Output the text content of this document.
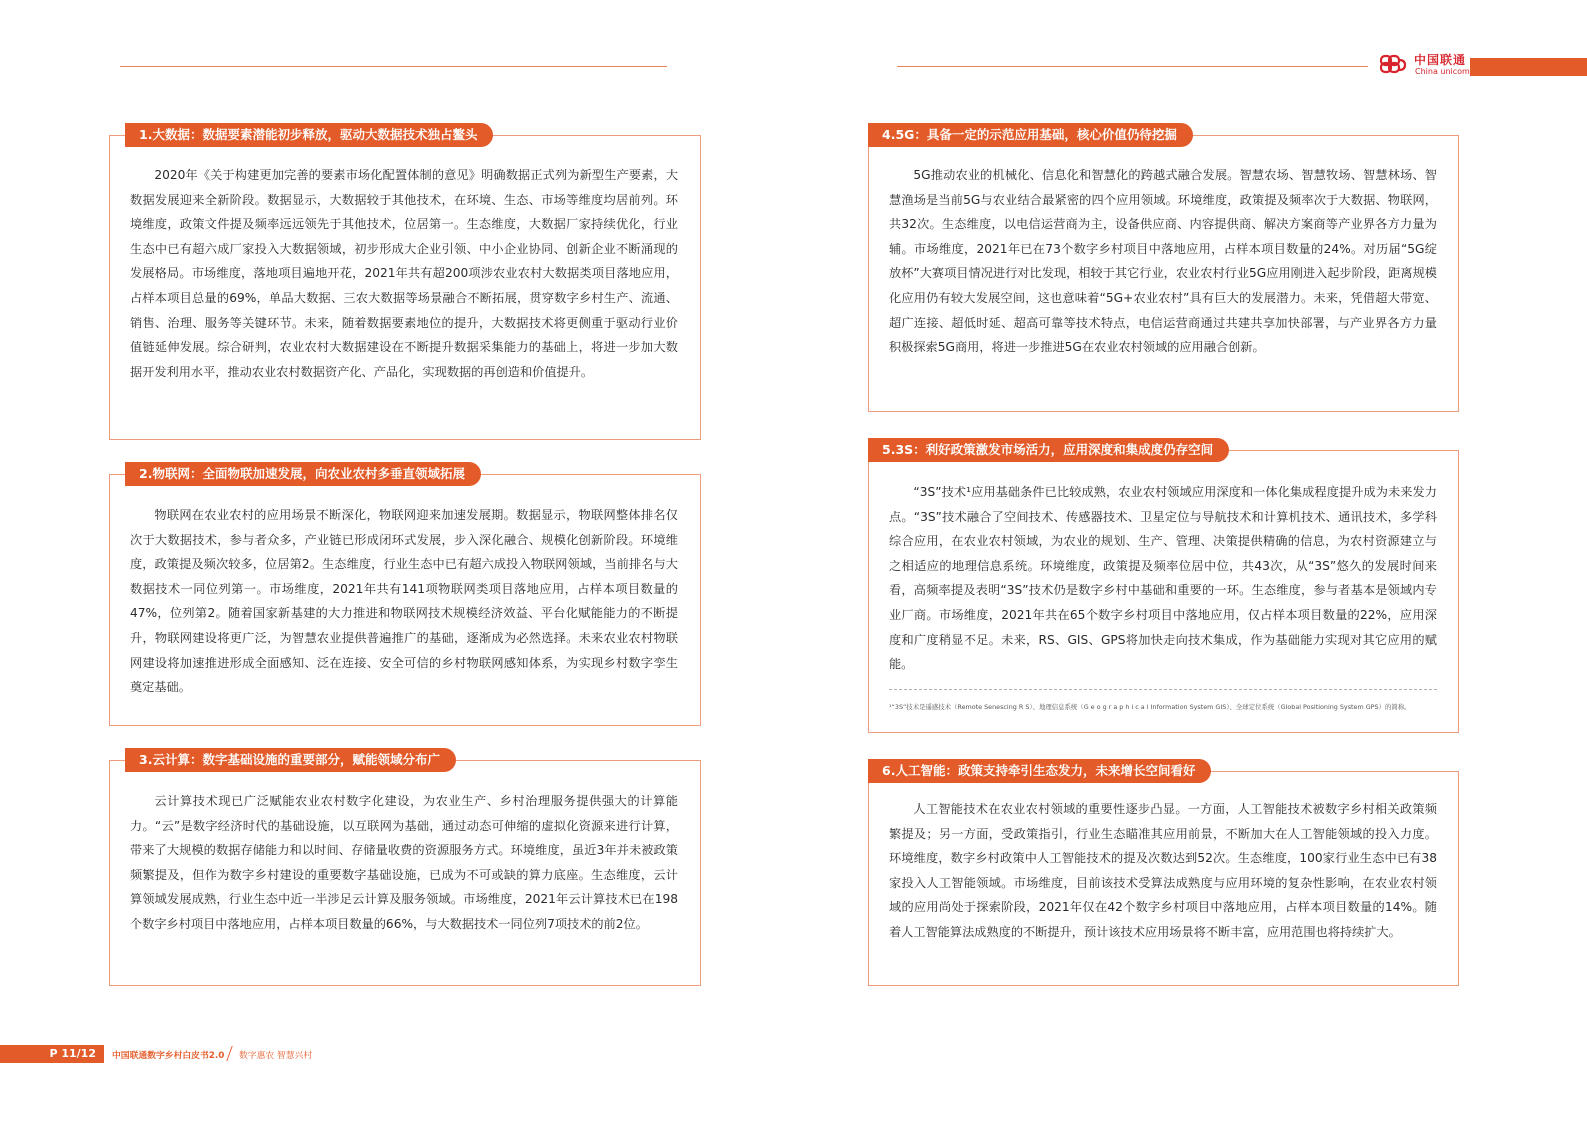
中国联通
China unicom
1.大数据：数据要素潜能初步释放，驱动大数据技术独占鳌头

2020年《关于构建更加完善的要素市场化配置体制的意见》明确数据正式列为新型生产要素，大数据发展迎来全新阶段。数据显示，大数据较于其他技术，在环境、生态、市场等维度均居前列。环境维度，政策文件提及频率远远领先于其他技术，位居第一。生态维度，大数据厂家持续优化，行业生态中已有超六成厂家投入大数据领域，初步形成大企业引领、中小企业协同、创新企业不断涌现的发展格局。市场维度，落地项目遍地开花，2021年共有超200项涉农业农村大数据类项目落地应用，占样本项目总量的69%，单品大数据、三农大数据等场景融合不断拓展，贯穿数字乡村生产、流通、销售、治理、服务等关键环节。未来，随着数据要素地位的提升，大数据技术将更侧重于驱动行业价值链延伸发展。综合研判，农业农村大数据建设在不断提升数据采集能力的基础上，将进一步加大数据开发利用水平，推动农业农村数据资产化、产品化，实现数据的再创造和价值提升。

2.物联网：全面物联加速发展，向农业农村多垂直领域拓展

物联网在农业农村的应用场景不断深化，物联网迎来加速发展期。数据显示，物联网整体排名仅次于大数据技术，参与者众多，产业链已形成闭环式发展，步入深化融合、规模化创新阶段。环境维度，政策提及频次较多，位居第2。生态维度，行业生态中已有超六成投入物联网领域，当前排名与大数据技术一同位列第一。市场维度，2021年共有141项物联网类项目落地应用，占样本项目数量的47%，位列第2。随着国家新基建的大力推进和物联网技术规模经济效益、平台化赋能能力的不断提升，物联网建设将更广泛，为智慧农业提供普遍推广的基础，逐渐成为必然选择。未来农业农村物联网建设将加速推进形成全面感知、泛在连接、安全可信的乡村物联网感知体系，为实现乡村数字孪生奠定基础。

3.云计算：数字基础设施的重要部分，赋能领域分布广

云计算技术现已广泛赋能农业农村数字化建设，为农业生产、乡村治理服务提供强大的计算能力。“云”是数字经济时代的基础设施，以互联网为基础，通过动态可伸缩的虚拟化资源来进行计算，带来了大规模的数据存储能力和以时间、存储量收费的资源服务方式。环境维度，虽近3年并未被政策频繁提及，但作为数字乡村建设的重要数字基础设施，已成为不可或缺的算力底座。生态维度，云计算领域发展成熟，行业生态中近一半涉足云计算及服务领域。市场维度，2021年云计算技术已在198个数字乡村项目中落地应用，占样本项目数量的66%，与大数据技术一同位列7项技术的前2位。

4.5G：具备一定的示范应用基础，核心价值仍待挖掘

5G推动农业的机械化、信息化和智慧化的跨越式融合发展。智慧农场、智慧牧场、智慧林场、智慧渔场是当前5G与农业结合最紧密的四个应用领域。环境维度，政策提及频率次于大数据、物联网，共32次。生态维度，以电信运营商为主，设备供应商、内容提供商、解决方案商等产业界各方力量为辅。市场维度，2021年已在73个数字乡村项目中落地应用，占样本项目数量的24%。对历届“5G绽放杯”大赛项目情况进行对比发现，相较于其它行业，农业农村行业5G应用刚进入起步阶段，距离规模化应用仍有较大发展空间，这也意味着“5G+农业农村”具有巨大的发展潜力。未来，凭借超大带宽、超广连接、超低时延、超高可靠等技术特点，电信运营商通过共建共享加快部署，与产业界各方力量积极探索5G商用，将进一步推进5G在农业农村领域的应用融合创新。

5.3S：利好政策激发市场活力，应用深度和集成度仍存空间

“3S”技术¹应用基础条件已比较成熟，农业农村领域应用深度和一体化集成程度提升成为未来发力点。“3S”技术融合了空间技术、传感器技术、卫星定位与导航技术和计算机技术、通讯技术，多学科综合应用，在农业农村领域，为农业的规划、生产、管理、决策提供精确的信息，为农村资源建立与之相适应的地理信息系统。环境维度，政策提及频率位居中位，共43次，从“3S”悠久的发展时间来看，高频率提及表明“3S”技术仍是数字乡村中基础和重要的一环。生态维度，参与者基本是领域内专业厂商。市场维度，2021年共在65个数字乡村项目中落地应用，仅占样本项目数量的22%，应用深度和广度稍显不足。未来，RS、GIS、GPS将加快走向技术集成，作为基础能力实现对其它应用的赋能。

¹“3S”技术是遥感技术（Remote Senescing R S）、地理信息系统（G e o g r a p h i c a l Information System GIS）、全球定位系统（Global Positioning System GPS）的简称。
6.人工智能：政策支持牵引生态发力，未来增长空间看好

人工智能技术在农业农村领域的重要性逐步凸显。一方面，人工智能技术被数字乡村相关政策频繁提及；另一方面，受政策指引，行业生态瞄准其应用前景，不断加大在人工智能领域的投入力度。环境维度，数字乡村政策中人工智能技术的提及次数达到52次。生态维度，100家行业生态中已有38家投入人工智能领域。市场维度，目前该技术受算法成熟度与应用环境的复杂性影响，在农业农村领域的应用尚处于探索阶段，2021年仅在42个数字乡村项目中落地应用，占样本项目数量的14%。随着人工智能算法成熟度的不断提升，预计该技术应用场景将不断丰富，应用范围也将持续扩大。

P 11/12	中国联通数字乡村白皮书2.0 数字惠农 智慧兴村
